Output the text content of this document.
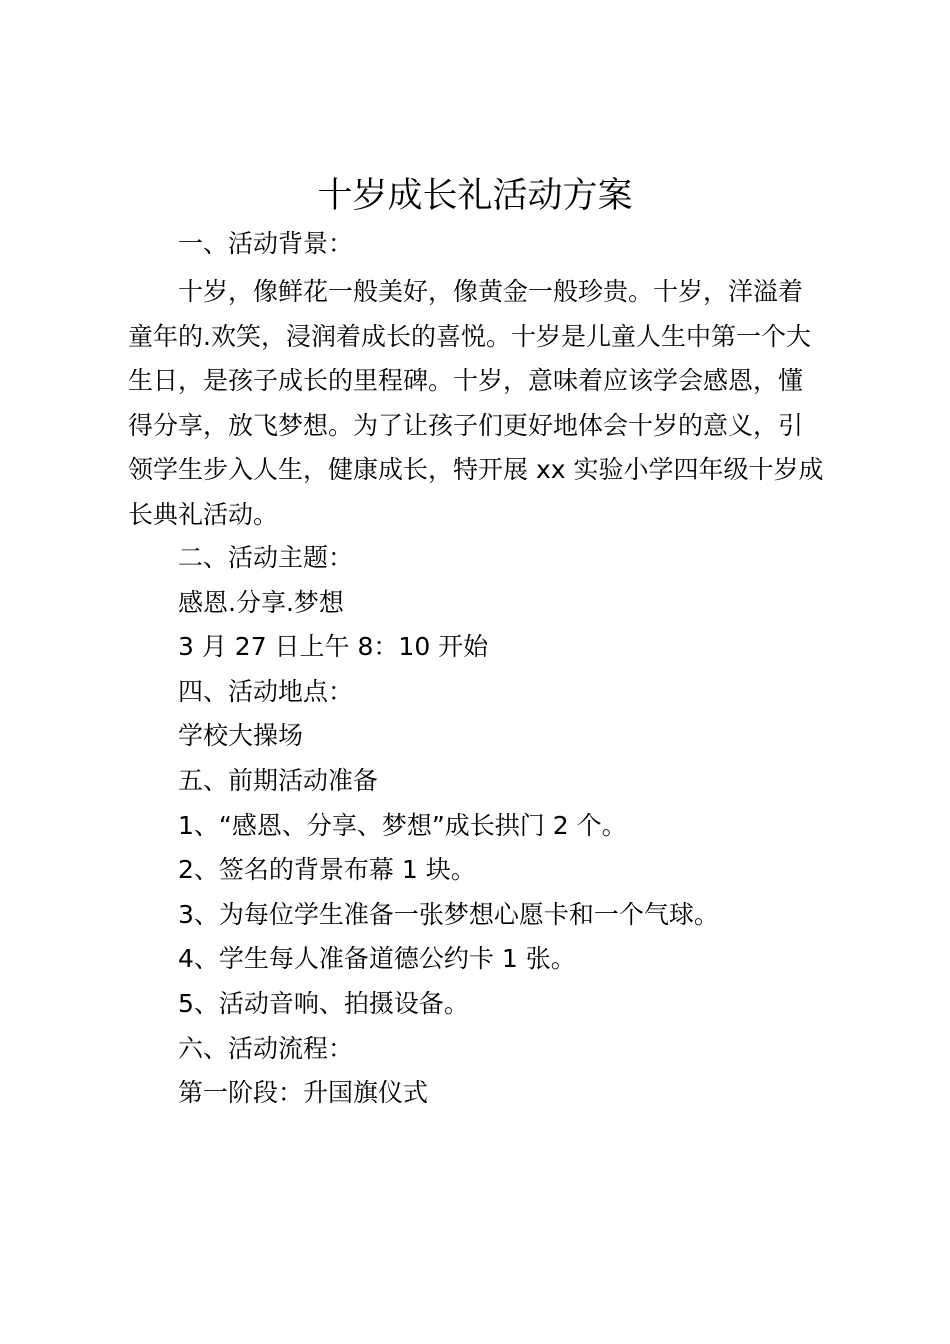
十岁成长礼活动方案

一、活动背景：

十岁，像鲜花一般美好，像黄金一般珍贵。十岁，洋溢着
童年的.欢笑，浸润着成长的喜悦。十岁是儿童人生中第一个大
生日，是孩子成长的里程碑。十岁，意味着应该学会感恩，懂
得分享，放飞梦想。为了让孩子们更好地体会十岁的意义，引
领学生步入人生，健康成长，特开展 xx 实验小学四年级十岁成
长典礼活动。

二、活动主题：

感恩.分享.梦想

3 月 27 日上午 8：10 开始

四、活动地点：

学校大操场

五、前期活动准备

1、“感恩、分享、梦想”成长拱门 2 个。

2、签名的背景布幕 1 块。

3、为每位学生准备一张梦想心愿卡和一个气球。

4、学生每人准备道德公约卡 1 张。

5、活动音响、拍摄设备。

六、活动流程：

第一阶段：升国旗仪式
